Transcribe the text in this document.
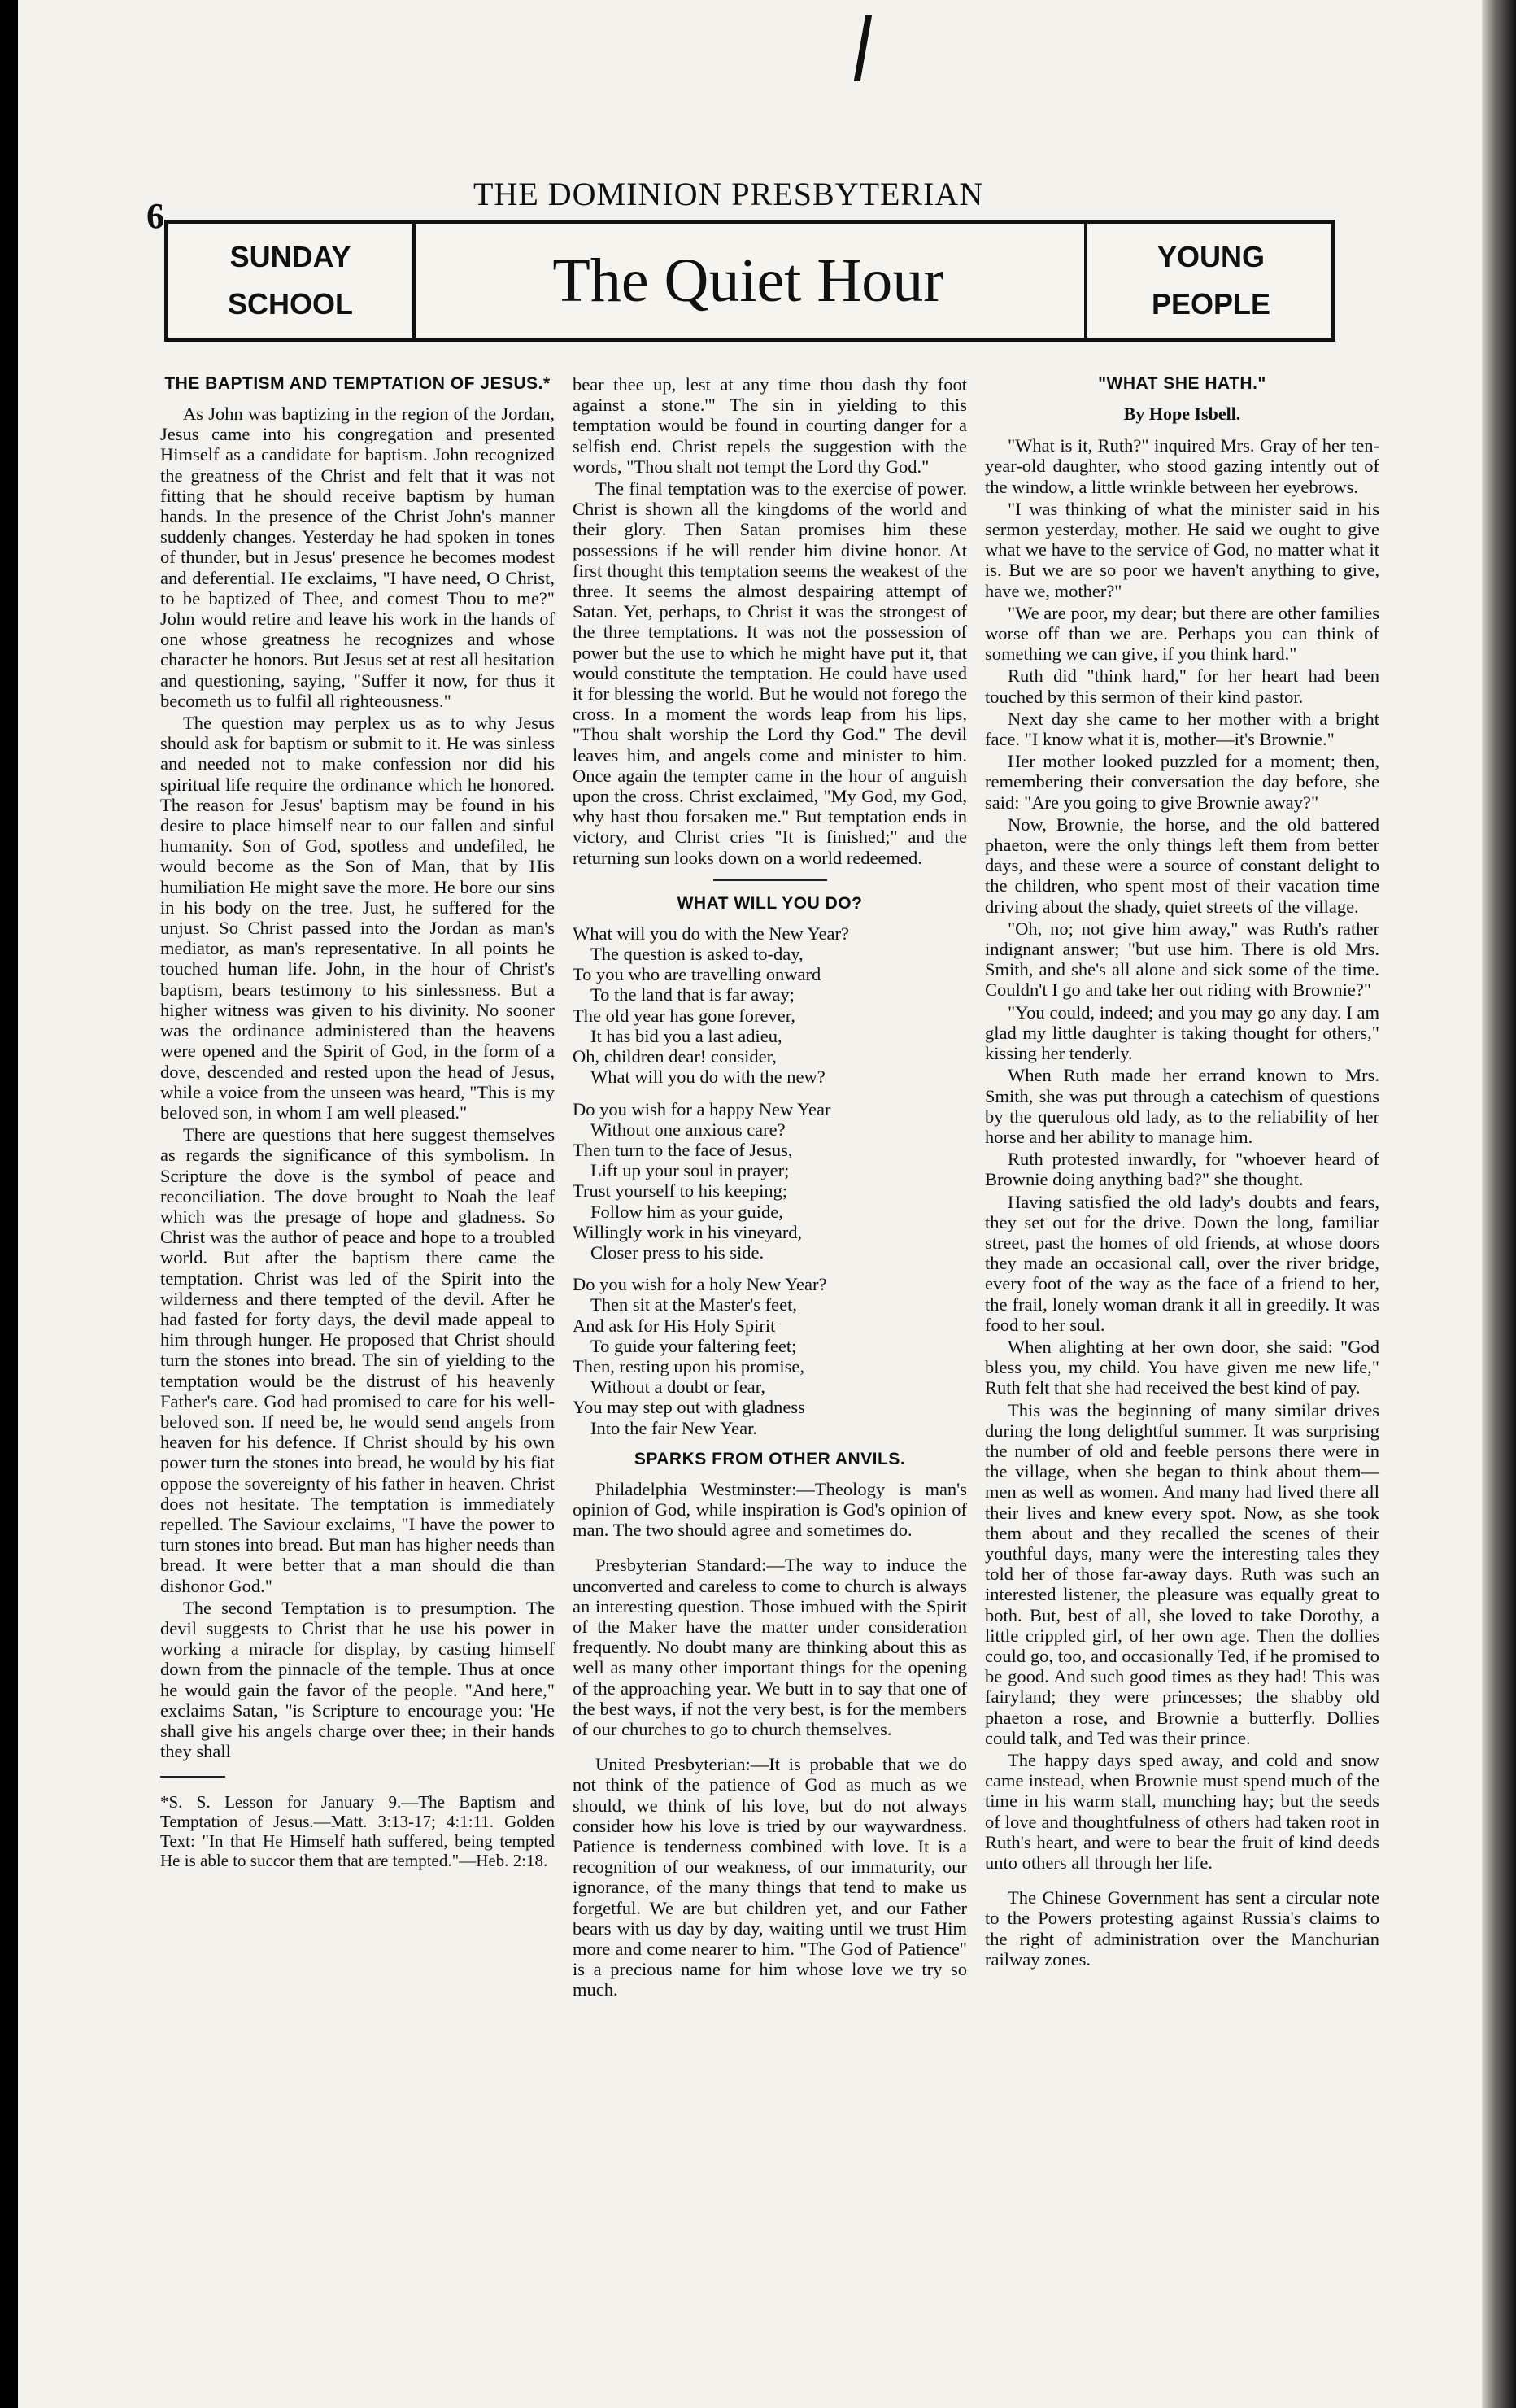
6
THE DOMINION PRESBYTERIAN
SUNDAY
SCHOOL	The Quiet Hour	YOUNG
PEOPLE
THE BAPTISM AND TEMPTATION OF JESUS.*

As John was baptizing in the region of the Jordan, Jesus came into his congregation and presented Himself as a candidate for baptism. John recognized the greatness of the Christ and felt that it was not fitting that he should receive baptism by human hands. In the presence of the Christ John's manner suddenly changes. Yesterday he had spoken in tones of thunder, but in Jesus' presence he becomes modest and deferential. He exclaims, "I have need, O Christ, to be baptized of Thee, and comest Thou to me?" John would retire and leave his work in the hands of one whose greatness he recognizes and whose character he honors. But Jesus set at rest all hesitation and questioning, saying, "Suffer it now, for thus it becometh us to fulfil all righteousness."

The question may perplex us as to why Jesus should ask for baptism or submit to it. He was sinless and needed not to make confession nor did his spiritual life require the ordinance which he honored. The reason for Jesus' baptism may be found in his desire to place himself near to our fallen and sinful humanity. Son of God, spotless and undefiled, he would become as the Son of Man, that by His humiliation He might save the more. He bore our sins in his body on the tree. Just, he suffered for the unjust. So Christ passed into the Jordan as man's mediator, as man's representative. In all points he touched human life. John, in the hour of Christ's baptism, bears testimony to his sinlessness. But a higher witness was given to his divinity. No sooner was the ordinance administered than the heavens were opened and the Spirit of God, in the form of a dove, descended and rested upon the head of Jesus, while a voice from the unseen was heard, "This is my beloved son, in whom I am well pleased."

There are questions that here suggest themselves as regards the significance of this symbolism. In Scripture the dove is the symbol of peace and reconciliation. The dove brought to Noah the leaf which was the presage of hope and gladness. So Christ was the author of peace and hope to a troubled world. But after the baptism there came the temptation. Christ was led of the Spirit into the wilderness and there tempted of the devil. After he had fasted for forty days, the devil made appeal to him through hunger. He proposed that Christ should turn the stones into bread. The sin of yielding to the temptation would be the distrust of his heavenly Father's care. God had promised to care for his well-beloved son. If need be, he would send angels from heaven for his defence. If Christ should by his own power turn the stones into bread, he would by his fiat oppose the sovereignty of his father in heaven. Christ does not hesitate. The temptation is immediately repelled. The Saviour exclaims, "I have the power to turn stones into bread. But man has higher needs than bread. It were better that a man should die than dishonor God."

The second Temptation is to presumption. The devil suggests to Christ that he use his power in working a miracle for display, by casting himself down from the pinnacle of the temple. Thus at once he would gain the favor of the people. "And here," exclaims Satan, "is Scripture to encourage you: 'He shall give his angels charge over thee; in their hands they shall

*S. S. Lesson for January 9.—The Baptism and Temptation of Jesus.—Matt. 3:13-17; 4:1:11. Golden Text: "In that He Himself hath suffered, being tempted He is able to succor them that are tempted."—Heb. 2:18.

bear thee up, lest at any time thou dash thy foot against a stone.'" The sin in yielding to this temptation would be found in courting danger for a selfish end. Christ repels the suggestion with the words, "Thou shalt not tempt the Lord thy God."

The final temptation was to the exercise of power. Christ is shown all the kingdoms of the world and their glory. Then Satan promises him these possessions if he will render him divine honor. At first thought this temptation seems the weakest of the three. It seems the almost despairing attempt of Satan. Yet, perhaps, to Christ it was the strongest of the three temptations. It was not the possession of power but the use to which he might have put it, that would constitute the temptation. He could have used it for blessing the world. But he would not forego the cross. In a moment the words leap from his lips, "Thou shalt worship the Lord thy God." The devil leaves him, and angels come and minister to him. Once again the tempter came in the hour of anguish upon the cross. Christ exclaimed, "My God, my God, why hast thou forsaken me." But temptation ends in victory, and Christ cries "It is finished;" and the returning sun looks down on a world redeemed.

WHAT WILL YOU DO?
What will you do with the New Year?
The question is asked to-day,
To you who are travelling onward
To the land that is far away;
The old year has gone forever,
It has bid you a last adieu,
Oh, children dear! consider,
What will you do with the new?
Do you wish for a happy New Year
Without one anxious care?
Then turn to the face of Jesus,
Lift up your soul in prayer;
Trust yourself to his keeping;
Follow him as your guide,
Willingly work in his vineyard,
Closer press to his side.
Do you wish for a holy New Year?
Then sit at the Master's feet,
And ask for His Holy Spirit
To guide your faltering feet;
Then, resting upon his promise,
Without a doubt or fear,
You may step out with gladness
Into the fair New Year.
SPARKS FROM OTHER ANVILS.

Philadelphia Westminster:—Theology is man's opinion of God, while inspiration is God's opinion of man. The two should agree and sometimes do.

Presbyterian Standard:—The way to induce the unconverted and careless to come to church is always an interesting question. Those imbued with the Spirit of the Maker have the matter under consideration frequently. No doubt many are thinking about this as well as many other important things for the opening of the approaching year. We butt in to say that one of the best ways, if not the very best, is for the members of our churches to go to church themselves.

United Presbyterian:—It is probable that we do not think of the patience of God as much as we should, we think of his love, but do not always consider how his love is tried by our waywardness. Patience is tenderness combined with love. It is a recognition of our weakness, of our immaturity, our ignorance, of the many things that tend to make us forgetful. We are but children yet, and our Father bears with us day by day, waiting until we trust Him more and come nearer to him. "The God of Patience" is a precious name for him whose love we try so much.

"WHAT SHE HATH."
By Hope Isbell.

"What is it, Ruth?" inquired Mrs. Gray of her ten-year-old daughter, who stood gazing intently out of the window, a little wrinkle between her eyebrows.

"I was thinking of what the minister said in his sermon yesterday, mother. He said we ought to give what we have to the service of God, no matter what it is. But we are so poor we haven't anything to give, have we, mother?"

"We are poor, my dear; but there are other families worse off than we are. Perhaps you can think of something we can give, if you think hard."

Ruth did "think hard," for her heart had been touched by this sermon of their kind pastor.

Next day she came to her mother with a bright face. "I know what it is, mother—it's Brownie."

Her mother looked puzzled for a moment; then, remembering their conversation the day before, she said: "Are you going to give Brownie away?"

Now, Brownie, the horse, and the old battered phaeton, were the only things left them from better days, and these were a source of constant delight to the children, who spent most of their vacation time driving about the shady, quiet streets of the village.

"Oh, no; not give him away," was Ruth's rather indignant answer; "but use him. There is old Mrs. Smith, and she's all alone and sick some of the time. Couldn't I go and take her out riding with Brownie?"

"You could, indeed; and you may go any day. I am glad my little daughter is taking thought for others," kissing her tenderly.

When Ruth made her errand known to Mrs. Smith, she was put through a catechism of questions by the querulous old lady, as to the reliability of her horse and her ability to manage him.

Ruth protested inwardly, for "whoever heard of Brownie doing anything bad?" she thought.

Having satisfied the old lady's doubts and fears, they set out for the drive. Down the long, familiar street, past the homes of old friends, at whose doors they made an occasional call, over the river bridge, every foot of the way as the face of a friend to her, the frail, lonely woman drank it all in greedily. It was food to her soul.

When alighting at her own door, she said: "God bless you, my child. You have given me new life," Ruth felt that she had received the best kind of pay.

This was the beginning of many similar drives during the long delightful summer. It was surprising the number of old and feeble persons there were in the village, when she began to think about them—men as well as women. And many had lived there all their lives and knew every spot. Now, as she took them about and they recalled the scenes of their youthful days, many were the interesting tales they told her of those far-away days. Ruth was such an interested listener, the pleasure was equally great to both. But, best of all, she loved to take Dorothy, a little crippled girl, of her own age. Then the dollies could go, too, and occasionally Ted, if he promised to be good. And such good times as they had! This was fairyland; they were princesses; the shabby old phaeton a rose, and Brownie a butterfly. Dollies could talk, and Ted was their prince.

The happy days sped away, and cold and snow came instead, when Brownie must spend much of the time in his warm stall, munching hay; but the seeds of love and thoughtfulness of others had taken root in Ruth's heart, and were to bear the fruit of kind deeds unto others all through her life.

The Chinese Government has sent a circular note to the Powers protesting against Russia's claims to the right of administration over the Manchurian railway zones.
